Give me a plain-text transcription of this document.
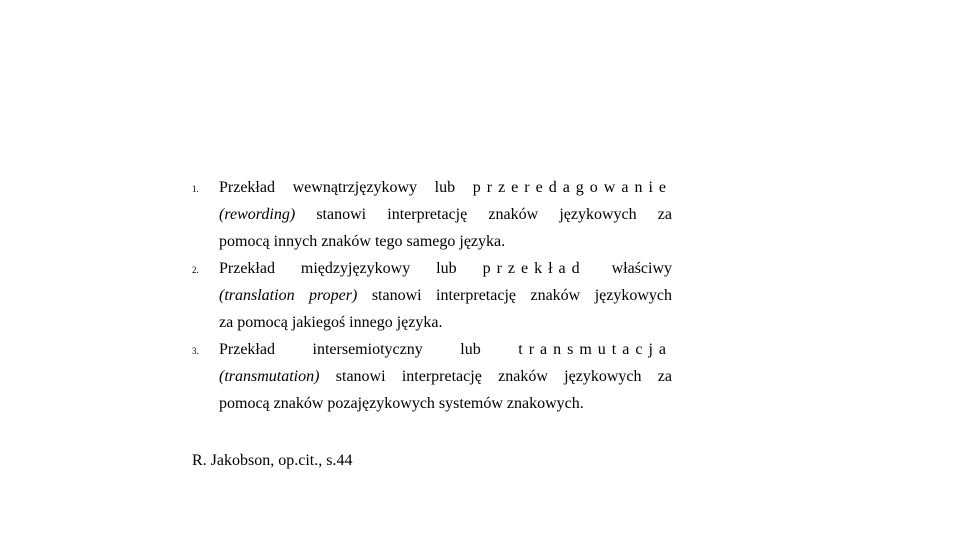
1. Przekład wewnątrzjęzykowy lub przeredagowanie
(rewording) stanowi interpretację znaków językowych za
pomocą innych znaków tego samego języka.
2. Przekład międzyjęzykowy lub przekład właściwy
(translation proper) stanowi interpretację znaków językowych
za pomocą jakiegoś innego języka.
3. Przekład intersemiotyczny lub transmutacja
(transmutation) stanowi interpretację znaków językowych za
pomocą znaków pozajęzykowych systemów znakowych.
R. Jakobson, op.cit., s.44
